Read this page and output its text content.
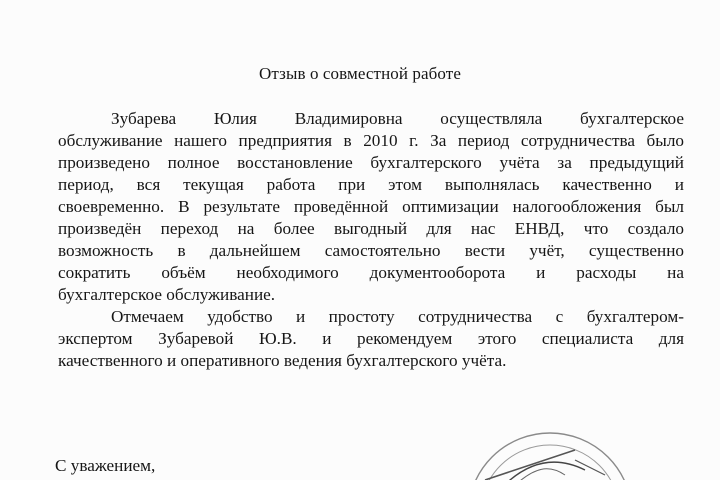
Отзыв о совместной работе
Зубарева Юлия Владимировна осуществляла бухгалтерское
обслуживание нашего предприятия в 2010 г. За период сотрудничества было
произведено полное восстановление бухгалтерского учёта за предыдущий
период, вся текущая работа при этом выполнялась качественно и
своевременно. В результате проведённой оптимизации налогообложения был
произведён переход на более выгодный для нас ЕНВД, что создало
возможность в дальнейшем самостоятельно вести учёт, существенно
сократить объём необходимого документооборота и расходы на
бухгалтерское обслуживание.
Отмечаем удобство и простоту сотрудничества с бухгалтером-
экспертом Зубаревой Ю.В. и рекомендуем этого специалиста для
качественного и оперативного ведения бухгалтерского учёта.
С уважением,
